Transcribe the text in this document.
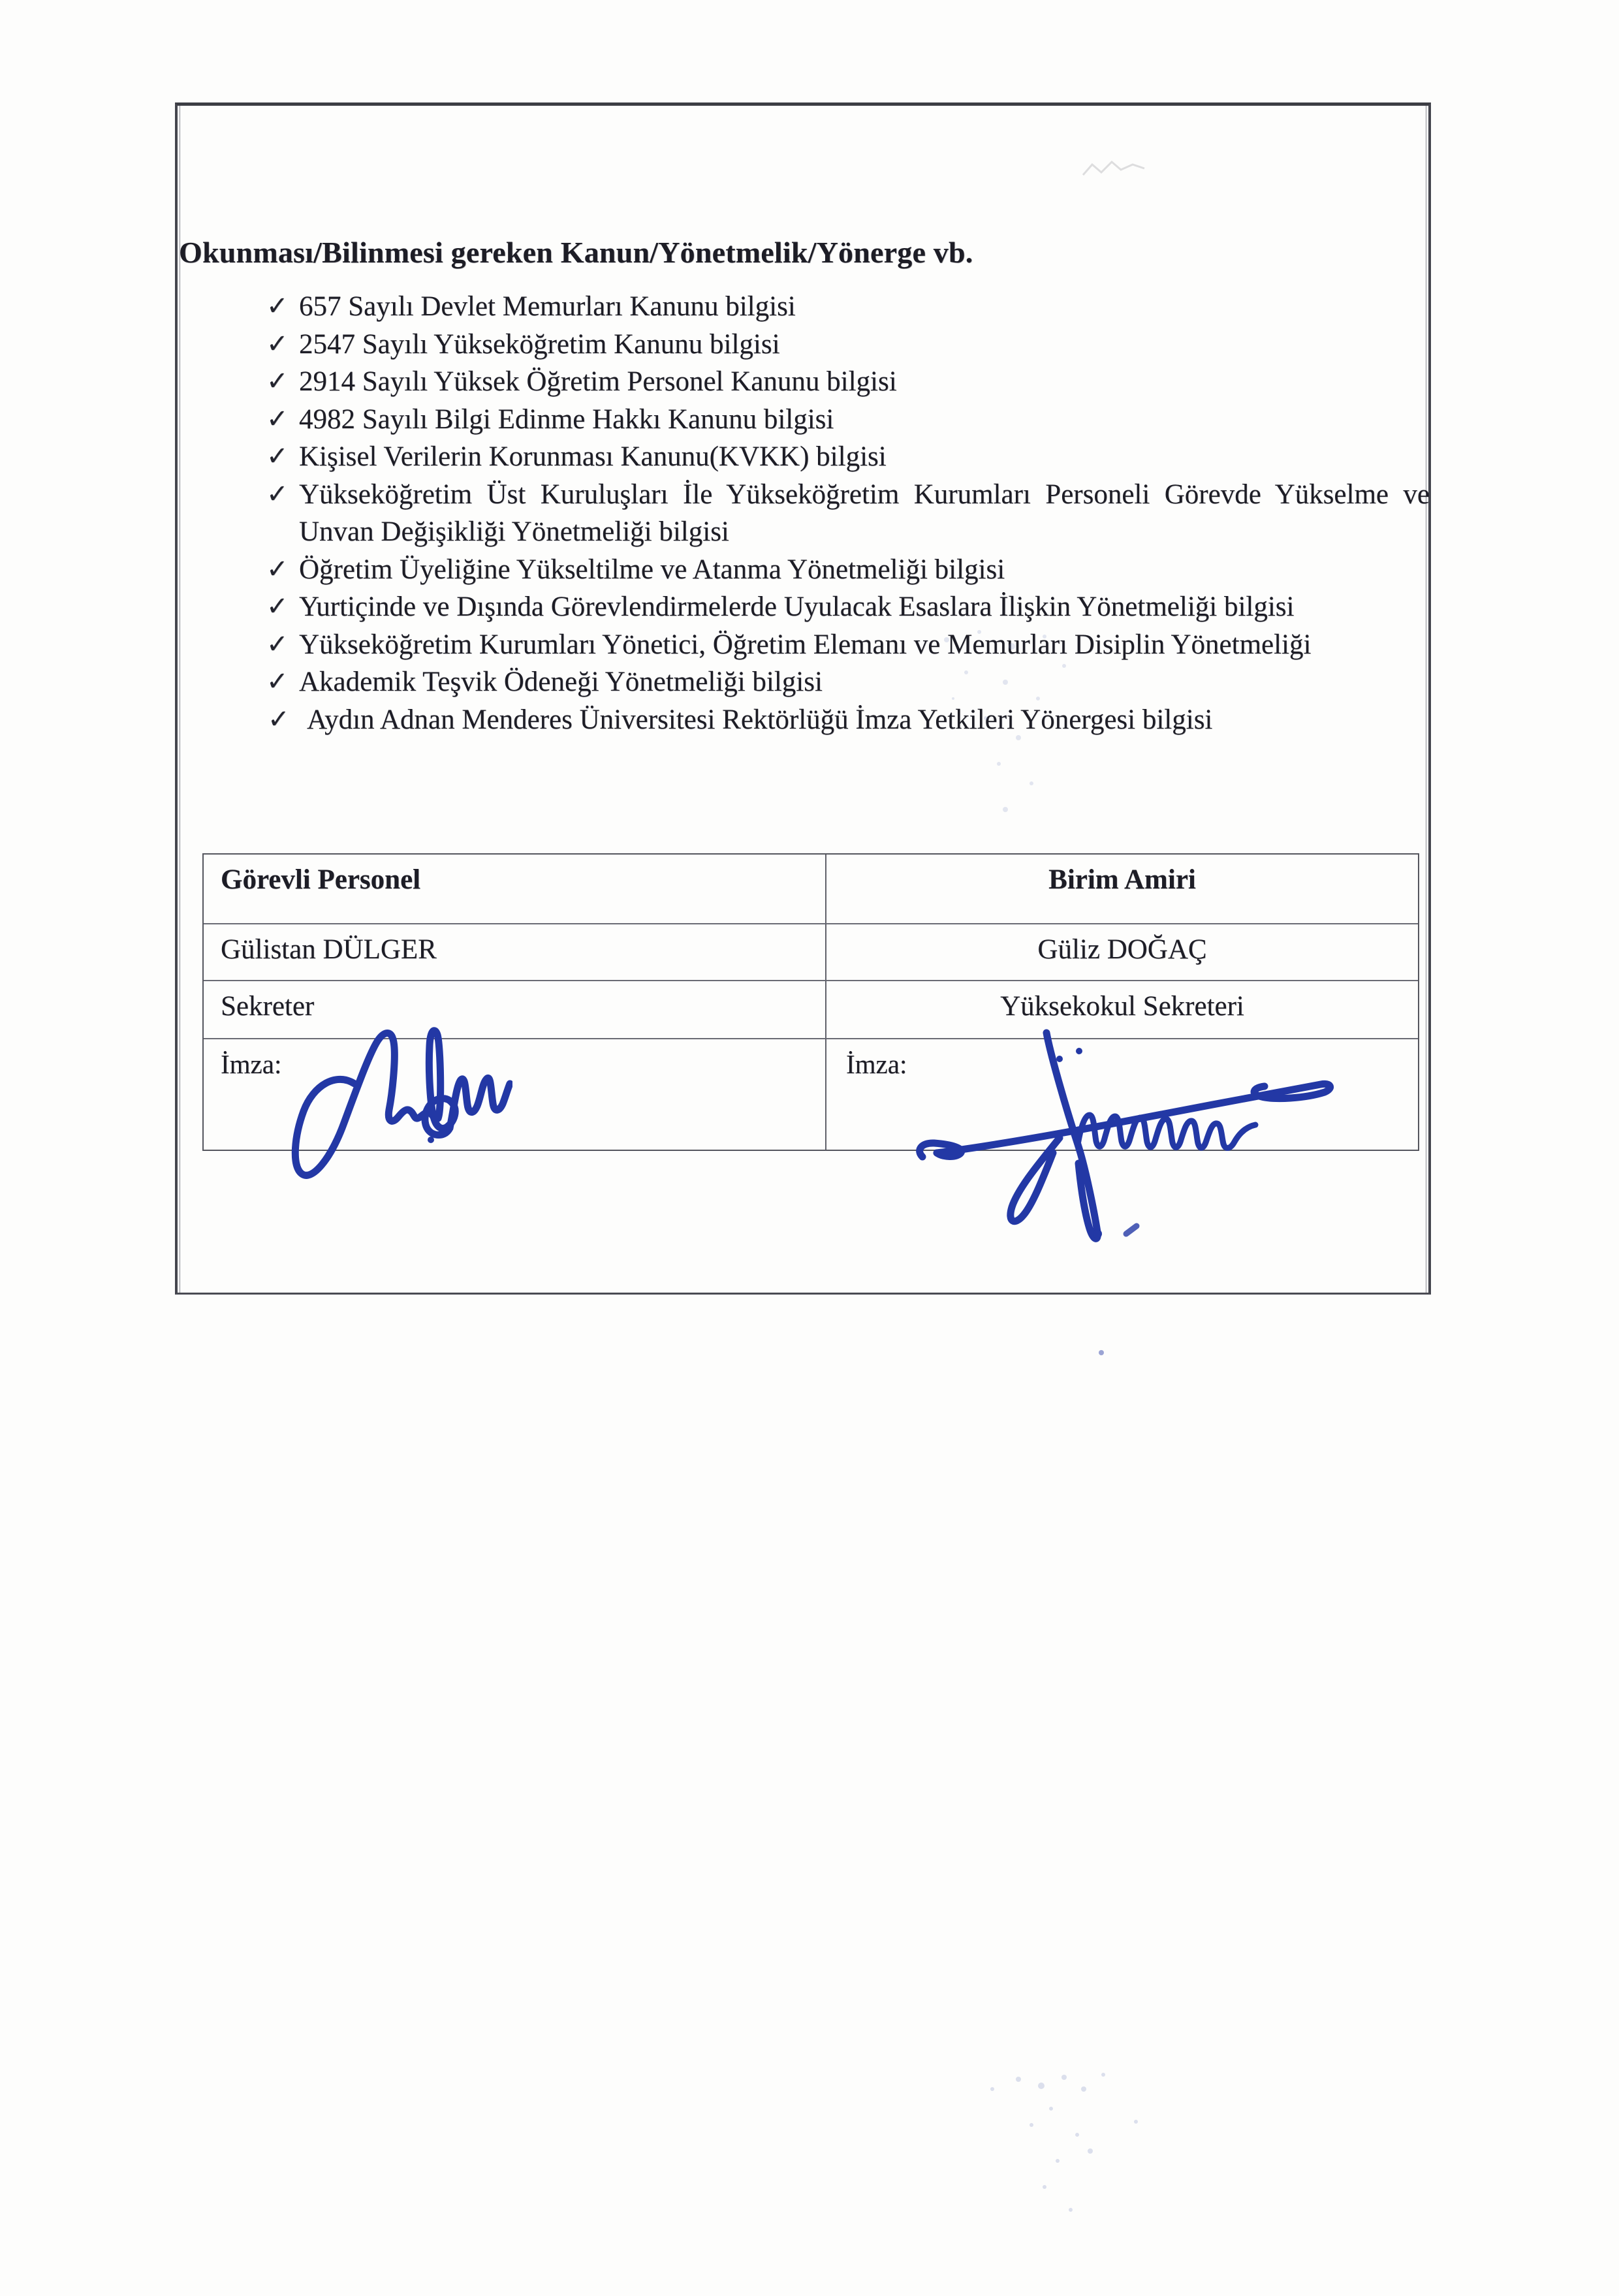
Okunması/Bilinmesi gereken Kanun/Yönetmelik/Yönerge vb.
✓ 657 Sayılı Devlet Memurları Kanunu bilgisi
✓ 2547 Sayılı Yükseköğretim Kanunu bilgisi
✓ 2914 Sayılı Yüksek Öğretim Personel Kanunu bilgisi
✓ 4982 Sayılı Bilgi Edinme Hakkı Kanunu bilgisi
✓ Kişisel Verilerin Korunması Kanunu(KVKK) bilgisi
✓ Yükseköğretim Üst Kuruluşları İle Yükseköğretim Kurumları Personeli Görevde Yükselme ve Unvan Değişikliği Yönetmeliği bilgisi
✓ Öğretim Üyeliğine Yükseltilme ve Atanma Yönetmeliği bilgisi
✓ Yurtiçinde ve Dışında Görevlendirmelerde Uyulacak Esaslara İlişkin Yönetmeliği bilgisi
✓ Yükseköğretim Kurumları Yönetici, Öğretim Elemanı ve Memurları Disiplin Yönetmeliği
✓ Akademik Teşvik Ödeneği Yönetmeliği bilgisi
✓ Aydın Adnan Menderes Üniversitesi Rektörlüğü İmza Yetkileri Yönergesi bilgisi
Görevli Personel	Birim Amiri
Gülistan DÜLGER	Güliz DOĞAÇ
Sekreter	Yüksekokul Sekreteri
İmza:	İmza:
